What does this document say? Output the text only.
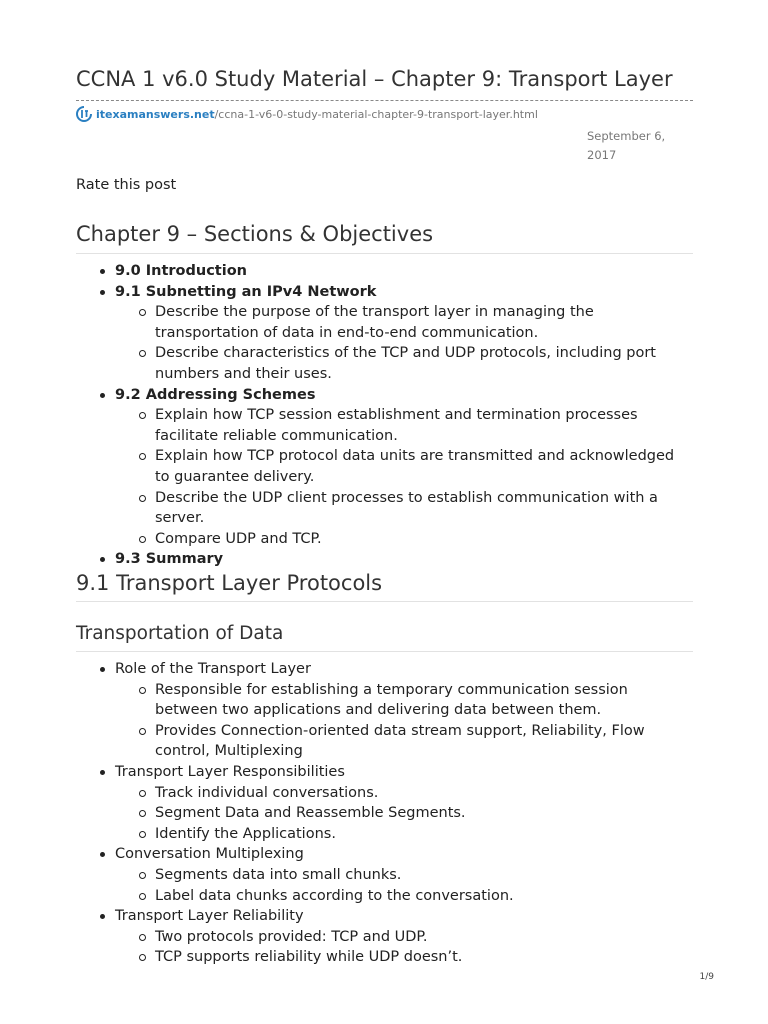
CCNA 1 v6.0 Study Material – Chapter 9: Transport Layer
itexamanswers.net /ccna-1-v6-0-study-material-chapter-9-transport-layer.html
September 6, 2017
Rate this post
Chapter 9 – Sections & Objectives
9.0 Introduction
9.1 Subnetting an IPv4 Network
Describe the purpose of the transport layer in managing the transportation of data in end-to-end communication.
Describe characteristics of the TCP and UDP protocols, including port numbers and their uses.
9.2 Addressing Schemes
Explain how TCP session establishment and termination processes facilitate reliable communication.
Explain how TCP protocol data units are transmitted and acknowledged to guarantee delivery.
Describe the UDP client processes to establish communication with a server.
Compare UDP and TCP.
9.3 Summary
9.1 Transport Layer Protocols
Transportation of Data
Role of the Transport Layer
Responsible for establishing a temporary communication session between two applications and delivering data between them.
Provides Connection-oriented data stream support, Reliability, Flow control, Multiplexing
Transport Layer Responsibilities
Track individual conversations.
Segment Data and Reassemble Segments.
Identify the Applications.
Conversation Multiplexing
Segments data into small chunks.
Label data chunks according to the conversation.
Transport Layer Reliability
Two protocols provided: TCP and UDP.
TCP supports reliability while UDP doesn’t.
1/9
